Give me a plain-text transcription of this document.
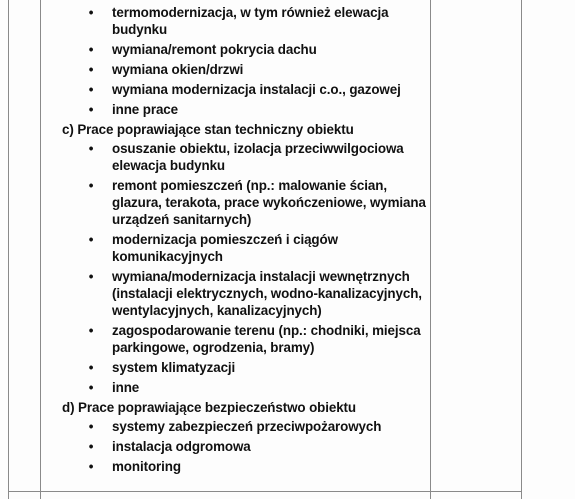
•	termomodernizacja, w tym również elewacja budynku
•	wymiana/remont pokrycia dachu
•	wymiana okien/drzwi
•	wymiana modernizacja instalacji c.o., gazowej
•	inne prace
c) Prace poprawiające stan techniczny obiektu
•	osuszanie obiektu, izolacja przeciwwilgociowa elewacja budynku
•	remont pomieszczeń (np.: malowanie ścian, glazura, terakota, prace wykończeniowe, wymiana urządzeń sanitarnych)
•	modernizacja pomieszczeń i ciągów komunikacyjnych
•	wymiana/modernizacja instalacji wewnętrznych (instalacji elektrycznych, wodno-kanalizacyjnych, wentylacyjnych, kanalizacyjnych)
•	zagospodarowanie terenu (np.: chodniki, miejsca parkingowe, ogrodzenia, bramy)
•	system klimatyzacji
•	inne
d) Prace poprawiające bezpieczeństwo obiektu
•	systemy zabezpieczeń przeciwpożarowych
•	instalacja odgromowa
•	monitoring
